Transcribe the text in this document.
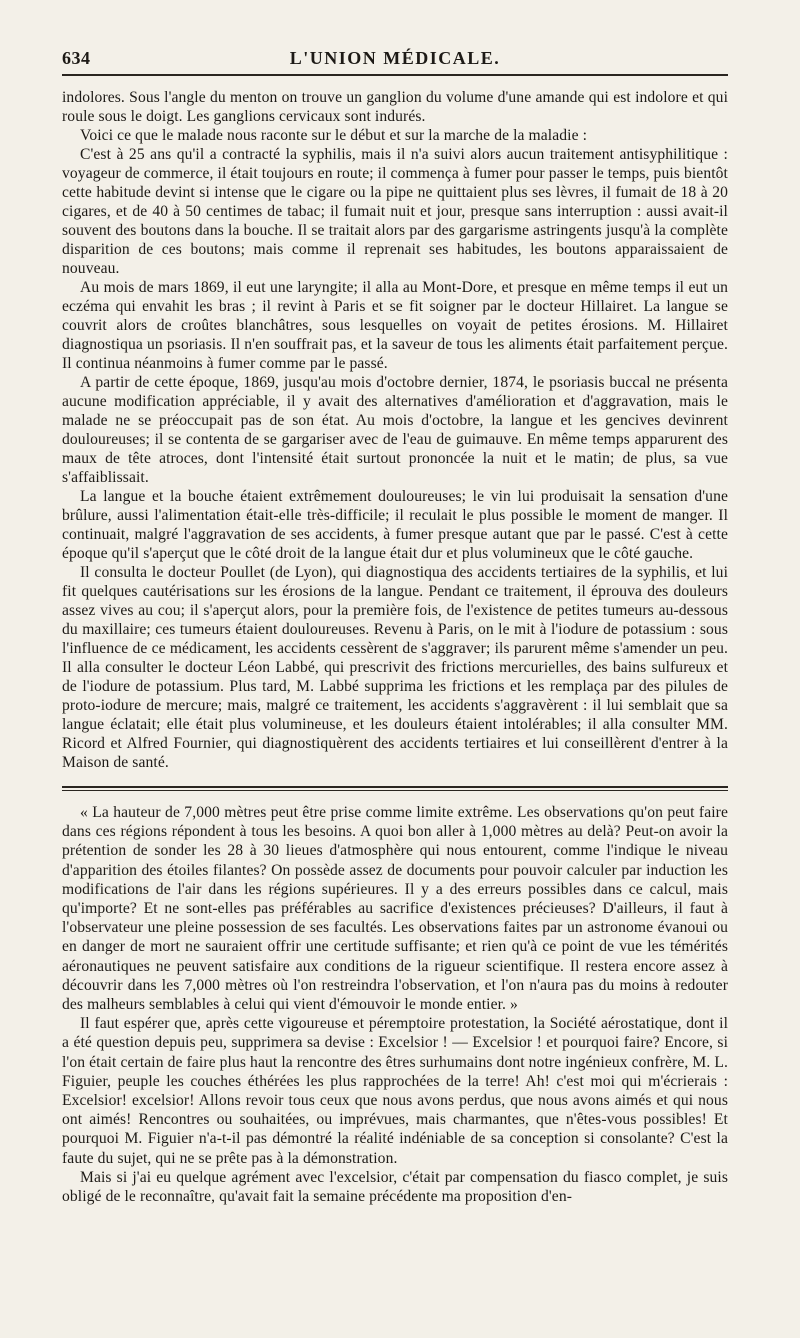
634	L'UNION MÉDICALE.

indolores. Sous l'angle du menton on trouve un ganglion du volume d'une amande qui est indolore et qui roule sous le doigt. Les ganglions cervicaux sont indurés.

Voici ce que le malade nous raconte sur le début et sur la marche de la maladie :

C'est à 25 ans qu'il a contracté la syphilis, mais il n'a suivi alors aucun traitement antisyphilitique : voyageur de commerce, il était toujours en route; il commença à fumer pour passer le temps, puis bientôt cette habitude devint si intense que le cigare ou la pipe ne quittaient plus ses lèvres, il fumait de 18 à 20 cigares, et de 40 à 50 centimes de tabac; il fumait nuit et jour, presque sans interruption : aussi avait-il souvent des boutons dans la bouche. Il se traitait alors par des gargarisme astringents jusqu'à la complète disparition de ces boutons; mais comme il reprenait ses habitudes, les boutons apparaissaient de nouveau.

Au mois de mars 1869, il eut une laryngite; il alla au Mont-Dore, et presque en même temps il eut un eczéma qui envahit les bras ; il revint à Paris et se fit soigner par le docteur Hillairet. La langue se couvrit alors de croûtes blanchâtres, sous lesquelles on voyait de petites érosions. M. Hillairet diagnostiqua un psoriasis. Il n'en souffrait pas, et la saveur de tous les aliments était parfaitement perçue. Il continua néanmoins à fumer comme par le passé.

A partir de cette époque, 1869, jusqu'au mois d'octobre dernier, 1874, le psoriasis buccal ne présenta aucune modification appréciable, il y avait des alternatives d'amélioration et d'aggravation, mais le malade ne se préoccupait pas de son état. Au mois d'octobre, la langue et les gencives devinrent douloureuses; il se contenta de se gargariser avec de l'eau de guimauve. En même temps apparurent des maux de tête atroces, dont l'intensité était surtout prononcée la nuit et le matin; de plus, sa vue s'affaiblissait.

La langue et la bouche étaient extrêmement douloureuses; le vin lui produisait la sensation d'une brûlure, aussi l'alimentation était-elle très-difficile; il reculait le plus possible le moment de manger. Il continuait, malgré l'aggravation de ses accidents, à fumer presque autant que par le passé. C'est à cette époque qu'il s'aperçut que le côté droit de la langue était dur et plus volumineux que le côté gauche.

Il consulta le docteur Poullet (de Lyon), qui diagnostiqua des accidents tertiaires de la syphilis, et lui fit quelques cautérisations sur les érosions de la langue. Pendant ce traitement, il éprouva des douleurs assez vives au cou; il s'aperçut alors, pour la première fois, de l'existence de petites tumeurs au-dessous du maxillaire; ces tumeurs étaient douloureuses. Revenu à Paris, on le mit à l'iodure de potassium : sous l'influence de ce médicament, les accidents cessèrent de s'aggraver; ils parurent même s'amender un peu. Il alla consulter le docteur Léon Labbé, qui prescrivit des frictions mercurielles, des bains sulfureux et de l'iodure de potassium. Plus tard, M. Labbé supprima les frictions et les remplaça par des pilules de proto-iodure de mercure; mais, malgré ce traitement, les accidents s'aggravèrent : il lui semblait que sa langue éclatait; elle était plus volumineuse, et les douleurs étaient intolérables; il alla consulter MM. Ricord et Alfred Fournier, qui diagnostiquèrent des accidents tertiaires et lui conseillèrent d'entrer à la Maison de santé.

« La hauteur de 7,000 mètres peut être prise comme limite extrême. Les observations qu'on peut faire dans ces régions répondent à tous les besoins. A quoi bon aller à 1,000 mètres au delà? Peut-on avoir la prétention de sonder les 28 à 30 lieues d'atmosphère qui nous entourent, comme l'indique le niveau d'apparition des étoiles filantes? On possède assez de documents pour pouvoir calculer par induction les modifications de l'air dans les régions supérieures. Il y a des erreurs possibles dans ce calcul, mais qu'importe? Et ne sont-elles pas préférables au sacrifice d'existences précieuses? D'ailleurs, il faut à l'observateur une pleine possession de ses facultés. Les observations faites par un astronome évanoui ou en danger de mort ne sauraient offrir une certitude suffisante; et rien qu'à ce point de vue les témérités aéronautiques ne peuvent satisfaire aux conditions de la rigueur scientifique. Il restera encore assez à découvrir dans les 7,000 mètres où l'on restreindra l'observation, et l'on n'aura pas du moins à redouter des malheurs semblables à celui qui vient d'émouvoir le monde entier. »

Il faut espérer que, après cette vigoureuse et péremptoire protestation, la Société aérostatique, dont il a été question depuis peu, supprimera sa devise : Excelsior ! — Excelsior ! et pourquoi faire? Encore, si l'on était certain de faire plus haut la rencontre des êtres surhumains dont notre ingénieux confrère, M. L. Figuier, peuple les couches éthérées les plus rapprochées de la terre! Ah! c'est moi qui m'écrierais : Excelsior! excelsior! Allons revoir tous ceux que nous avons perdus, que nous avons aimés et qui nous ont aimés! Rencontres ou souhaitées, ou imprévues, mais charmantes, que n'êtes-vous possibles! Et pourquoi M. Figuier n'a-t-il pas démontré la réalité indéniable de sa conception si consolante? C'est la faute du sujet, qui ne se prête pas à la démonstration.

Mais si j'ai eu quelque agrément avec l'excelsior, c'était par compensation du fiasco complet, je suis obligé de le reconnaître, qu'avait fait la semaine précédente ma proposition d'en-
